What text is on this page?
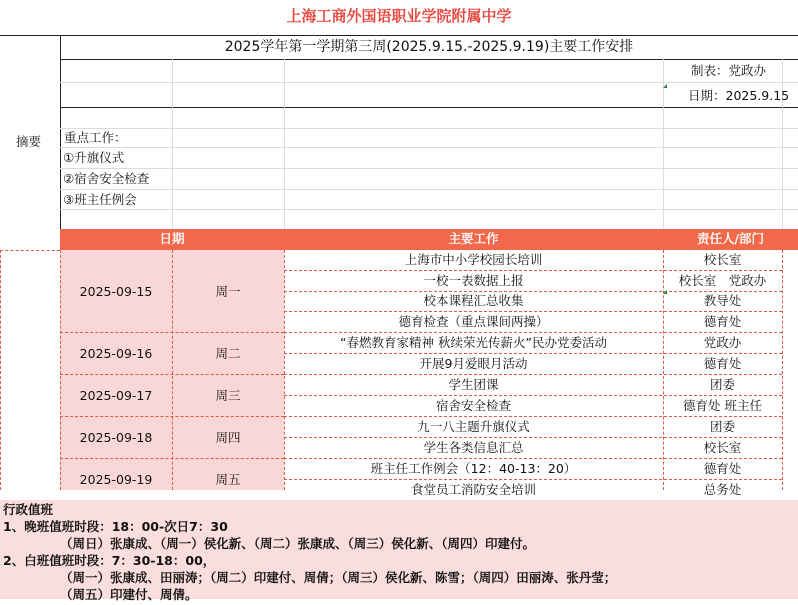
上海工商外国语职业学院附属中学
2025学年第一学期第三周(2025.9.15.-2025.9.19)主要工作安排
制表：党政办
日期：2025.9.15
摘要 重点工作：
①升旗仪式
②宿舍安全检查
③班主任例会
日期	主要工作	责任人/部门
2025-09-15	周一
上海市中小学校园长培训	校长室
一校一表数据上报	校长室　党政办
校本课程汇总收集	教导处
德育检查（重点课间两操）	德育处
2025-09-16	周二
“春燃教育家精神 秋续荣光传薪火”民办党委活动	党政办
开展9月爱眼月活动	德育处
2025-09-17	周三
学生团课	团委
宿舍安全检查	德育处 班主任
2025-09-18	周四
九一八主题升旗仪式	团委
学生各类信息汇总	校长室
2025-09-19	周五
班主任工作例会（12：40-13：20）	德育处
食堂员工消防安全培训	总务处
行政值班
1、晚班值班时段：18：00-次日7：30
（周日）张康成、（周一）侯化新、（周二）张康成、（周三）侯化新、（周四）印建付。
2、白班值班时段：7：30-18：00，
（周一）张康成、田丽涛；（周二）印建付、周倩；（周三）侯化新、陈雪；（周四）田丽涛、张丹莹；
（周五）印建付、周倩。
